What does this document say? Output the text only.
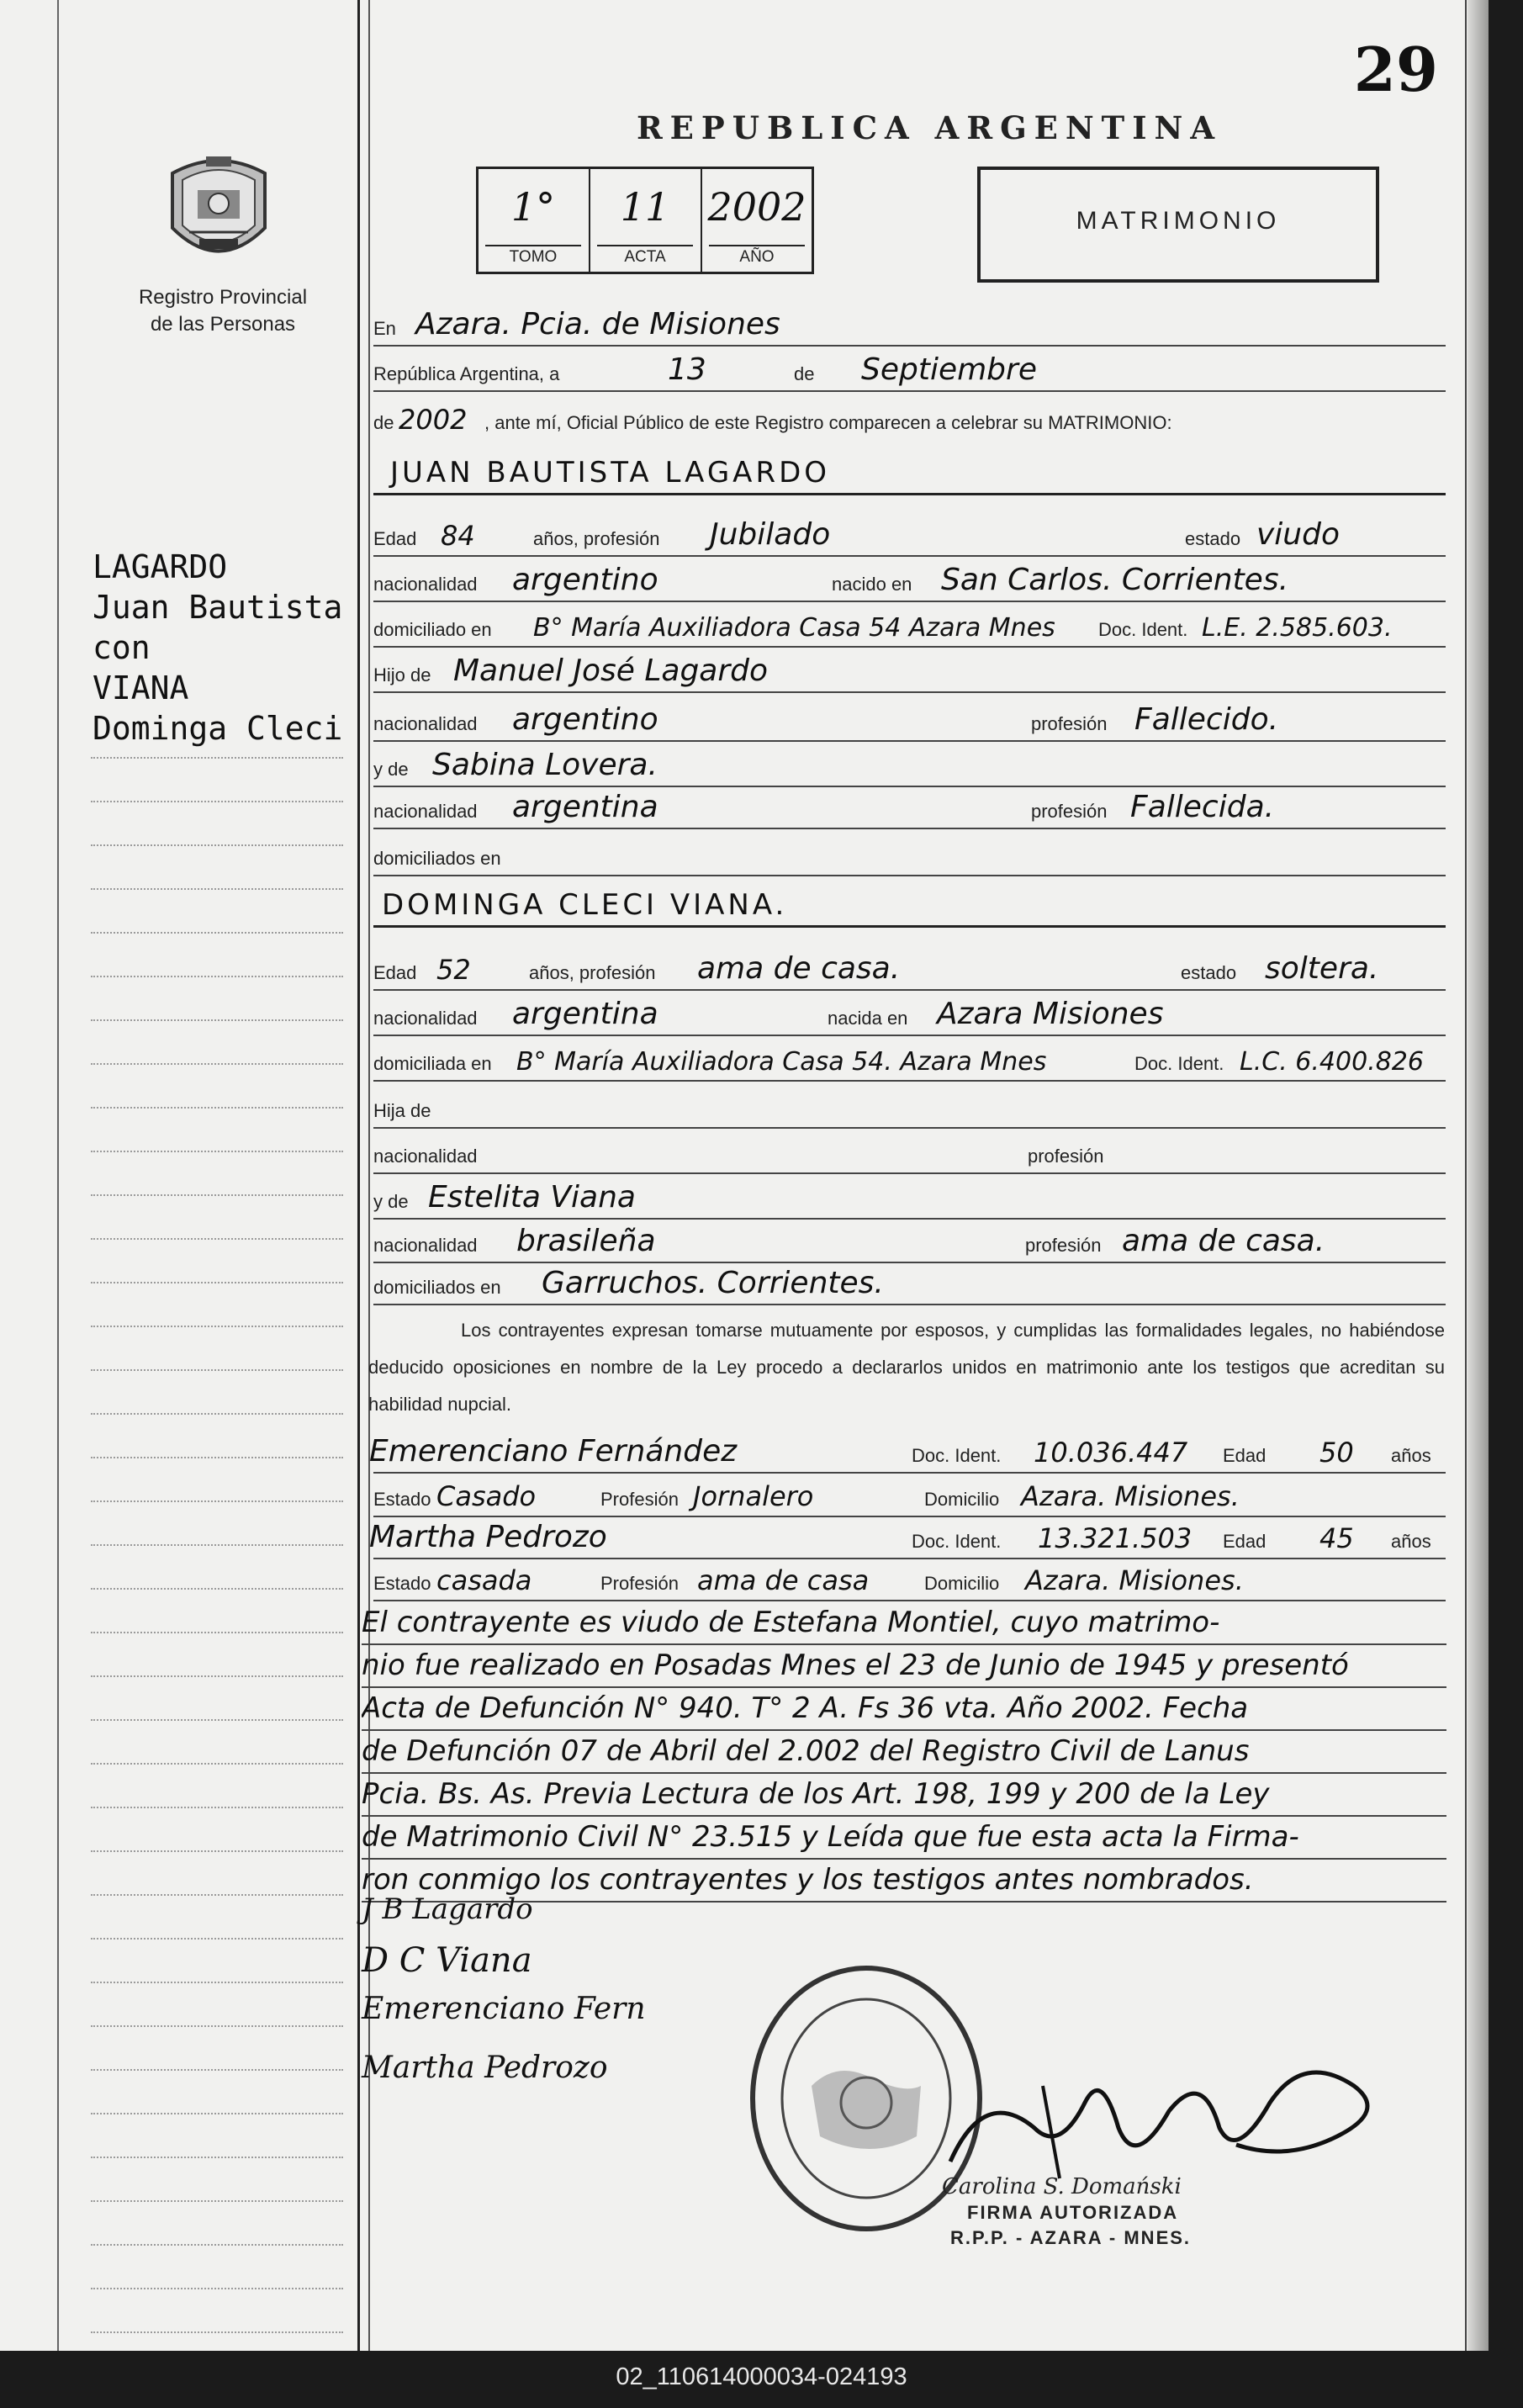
29
Registro Provincial
de las Personas
LAGARDO
Juan Bautista
con
VIANA
Dominga Cleci
REPUBLICA ARGENTINA
1°
TOMO
11
ACTA
2002
AÑO
MATRIMONIO
En Azara. Pcia. de Misiones
República Argentina, a	13	de Septiembre
de 2002 , ante mí, Oficial Público de este Registro comparecen a celebrar su MATRIMONIO:
JUAN BAUTISTA LAGARDO
Edad 84	años, profesión Jubilado	estado viudo
nacionalidad argentino	nacido en San Carlos. Corrientes.
domiciliado en B° María Auxiliadora Casa 54 Azara Mnes Doc. Ident. L.E. 2.585.603.
Hijo de Manuel José Lagardo
nacionalidad argentino	profesión Fallecido.
y de Sabina Lovera.
nacionalidad argentina	profesión Fallecida.
domiciliados en
DOMINGA CLECI VIANA.
Edad 52	años, profesión ama de casa.	estado soltera.
nacionalidad argentina	nacida en Azara Misiones
domiciliada en B° María Auxiliadora Casa 54. Azara Mnes	Doc. Ident. L.C. 6.400.826
Hija de
nacionalidad	profesión
y de Estelita Viana
nacionalidad brasileña	profesión ama de casa.
domiciliados en Garruchos. Corrientes.
Los contrayentes expresan tomarse mutuamente por esposos, y cumplidas las formalidades legales, no habiéndose deducido oposiciones en nombre de la Ley procedo a declararlos unidos en matrimonio ante los testigos que acreditan su habilidad nupcial.
Emerenciano Fernández	Doc. Ident. 10.036.447 Edad 50 años
Estado Casado	Profesión Jornalero	Domicilio Azara. Misiones.
Martha Pedrozo	Doc. Ident. 13.321.503 Edad 45 años
Estado casada	Profesión ama de casa	Domicilio Azara. Misiones.
El contrayente es viudo de Estefana Montiel, cuyo matrimo-
nio fue realizado en Posadas Mnes el 23 de Junio de 1945 y presentó
Acta de Defunción N° 940. T° 2 A. Fs 36 vta. Año 2002. Fecha
de Defunción 07 de Abril del 2.002 del Registro Civil de Lanus
Pcia. Bs. As. Previa Lectura de los Art. 198, 199 y 200 de la Ley
de Matrimonio Civil N° 23.515 y Leída que fue esta acta la Firma-
ron conmigo los contrayentes y los testigos antes nombrados.
J B Lagardo
D C Viana
Emerenciano Fern
Martha Pedrozo
Carolina S. Domański
FIRMA AUTORIZADA
R.P.P. - AZARA - MNES.
02_110614000034-024193
